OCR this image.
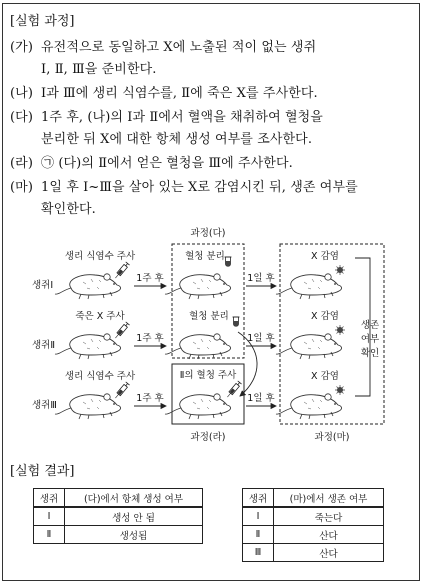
[실험 과정]
(가) 유전적으로 동일하고 X에 노출된 적이 없는 생쥐
Ⅰ, Ⅱ, Ⅲ을 준비한다.
(나) Ⅰ과 Ⅲ에 생리 식염수를, Ⅱ에 죽은 X를 주사한다.
(다) 1주 후, (나)의 Ⅰ과 Ⅱ에서 혈액을 채취하여 혈청을
분리한 뒤 X에 대한 항체 생성 여부를 조사한다.
(라) ㉠ (다)의 Ⅱ에서 얻은 혈청을 Ⅲ에 주사한다.
(마) 1일 후 Ⅰ~Ⅲ을 살아 있는 X로 감염시킨 뒤, 생존 여부를
확인한다.
과정(다)
과정(라)	과정(마)
생쥐Ⅰ
생쥐Ⅱ
생쥐Ⅲ
생리 식염수 주사
죽은 X 주사
생리 식염수 주사
1주 후
1주 후
1주 후
1일 후
1일 후
1일 후
혈청 분리
혈청 분리
Ⅱ의 혈청 주사
X 감염
X 감염
X 감염
생존
여부
확인
[실험 결과]
생쥐	(다)에서 항체 생성 여부
Ⅰ	생성 안 됨
Ⅱ	생성됨
생쥐	(마)에서 생존 여부
Ⅰ	죽는다
Ⅱ	산다
Ⅲ	산다
